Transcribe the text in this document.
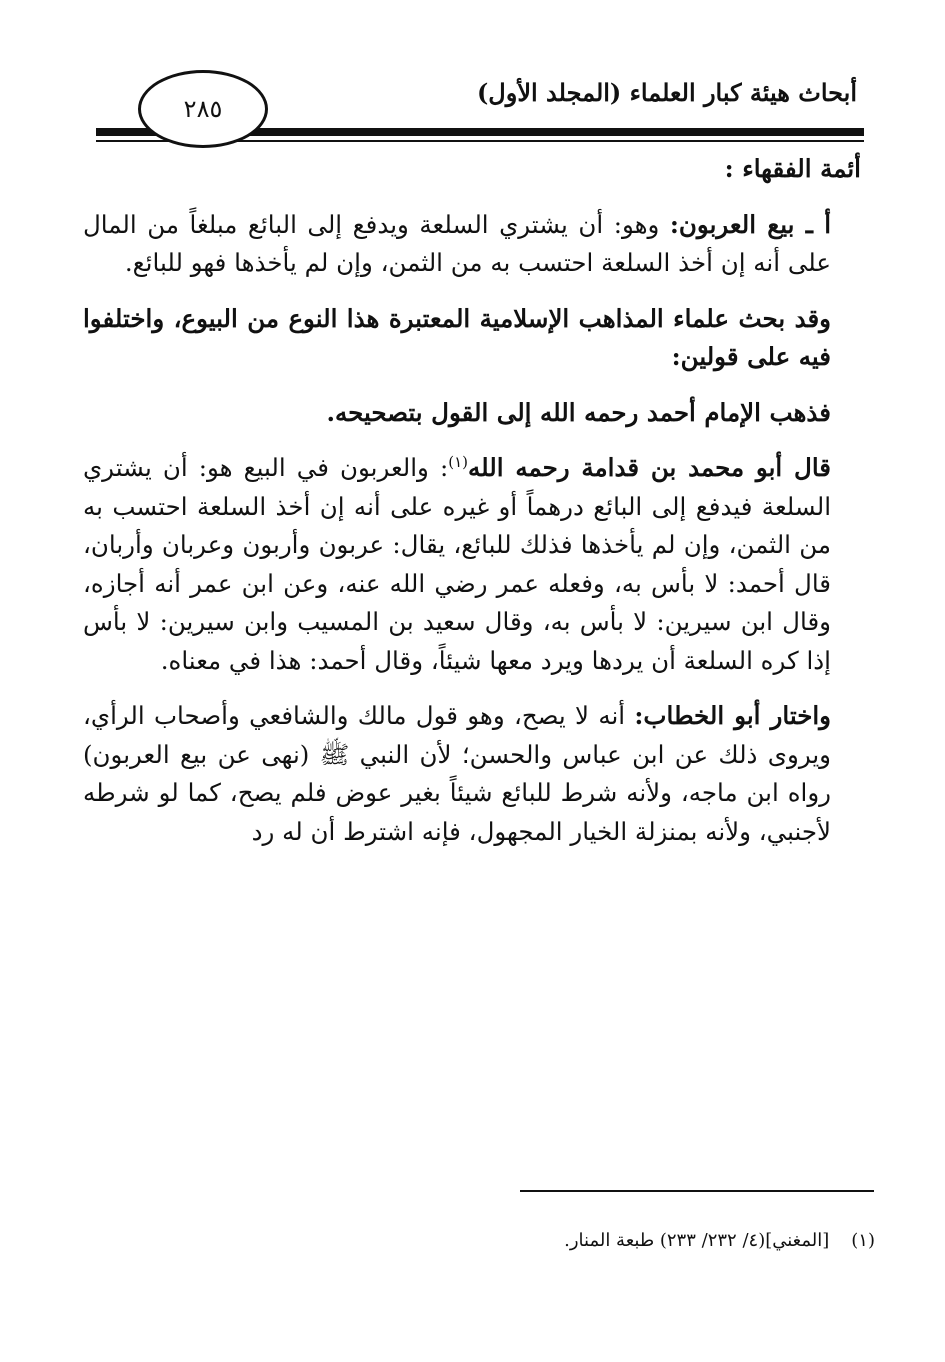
أبحاث هيئة كبار العلماء (المجلد الأول)
٢٨٥

أئمة الفقهاء :

أ ـ بيع العربون: وهو: أن يشتري السلعة ويدفع إلى البائع مبلغاً من المال على أنه إن أخذ السلعة احتسب به من الثمن، وإن لم يأخذها فهو للبائع.

وقد بحث علماء المذاهب الإسلامية المعتبرة هذا النوع من البيوع، واختلفوا فيه على قولين:

فذهب الإمام أحمد رحمه الله إلى القول بتصحيحه.

قال أبو محمد بن قدامة رحمه الله$^{(١)}$: والعربون في البيع هو: أن يشتري السلعة فيدفع إلى البائع درهماً أو غيره على أنه إن أخذ السلعة احتسب به من الثمن، وإن لم يأخذها فذلك للبائع، يقال: عربون وأربون وعربان وأربان، قال أحمد: لا بأس به، وفعله عمر رضي الله عنه، وعن ابن عمر أنه أجازه، وقال ابن سيرين: لا بأس به، وقال سعيد بن المسيب وابن سيرين: لا بأس إذا كره السلعة أن يردها ويرد معها شيئاً، وقال أحمد: هذا في معناه.

واختار أبو الخطاب: أنه لا يصح، وهو قول مالك والشافعي وأصحاب الرأي، ويروى ذلك عن ابن عباس والحسن؛ لأن النبي ﷺ (نهى عن بيع العربون) رواه ابن ماجه، ولأنه شرط للبائع شيئاً بغير عوض فلم يصح، كما لو شرطه لأجنبي، ولأنه بمنزلة الخيار المجهول، فإنه اشترط أن له رد

(١)[المغني](٤/ ٢٣٢/ ٢٣٣) طبعة المنار.
